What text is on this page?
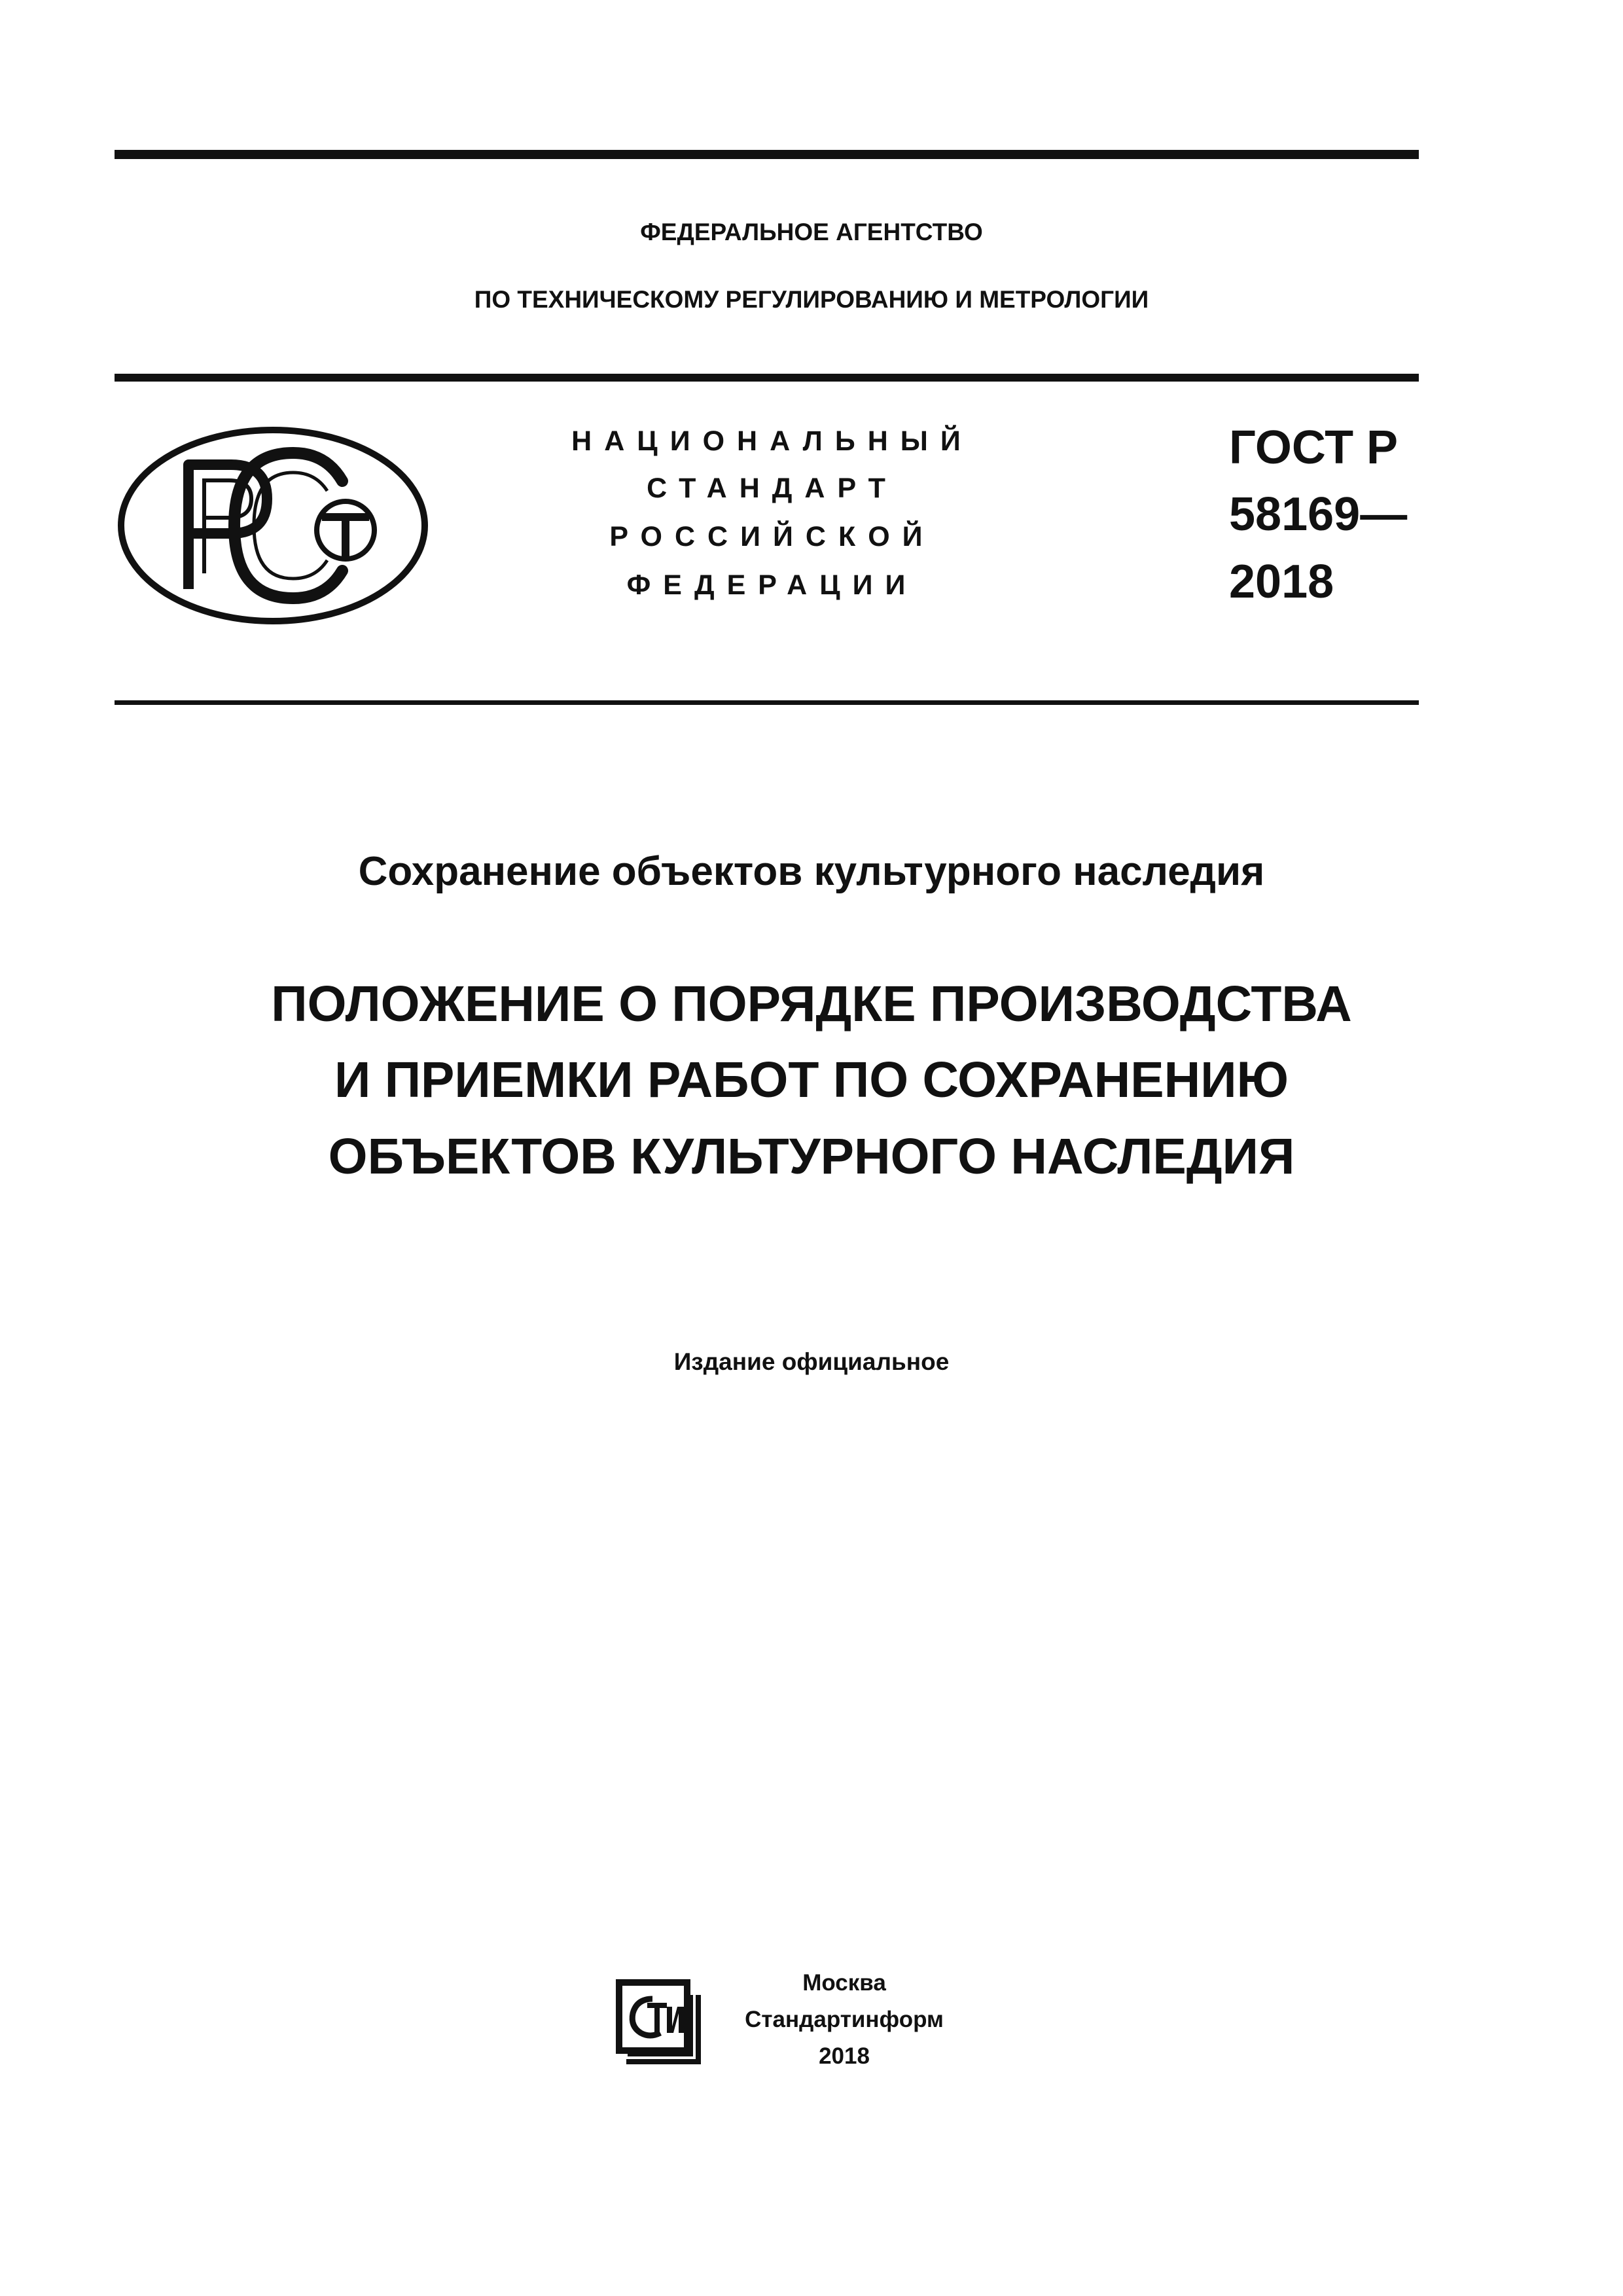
ФЕДЕРАЛЬНОЕ АГЕНТСТВО
ПО ТЕХНИЧЕСКОМУ РЕГУЛИРОВАНИЮ И МЕТРОЛОГИИ
НАЦИОНАЛЬНЫЙ
СТАНДАРТ
РОССИЙСКОЙ
ФЕДЕРАЦИИ
ГОСТ Р
58169—
2018
Сохранение объектов культурного наследия
ПОЛОЖЕНИЕ О ПОРЯДКЕ ПРОИЗВОДСТВА
И ПРИЕМКИ РАБОТ ПО СОХРАНЕНИЮ
ОБЪЕКТОВ КУЛЬТУРНОГО НАСЛЕДИЯ
Издание официальное
Москва
Стандартинформ
2018
